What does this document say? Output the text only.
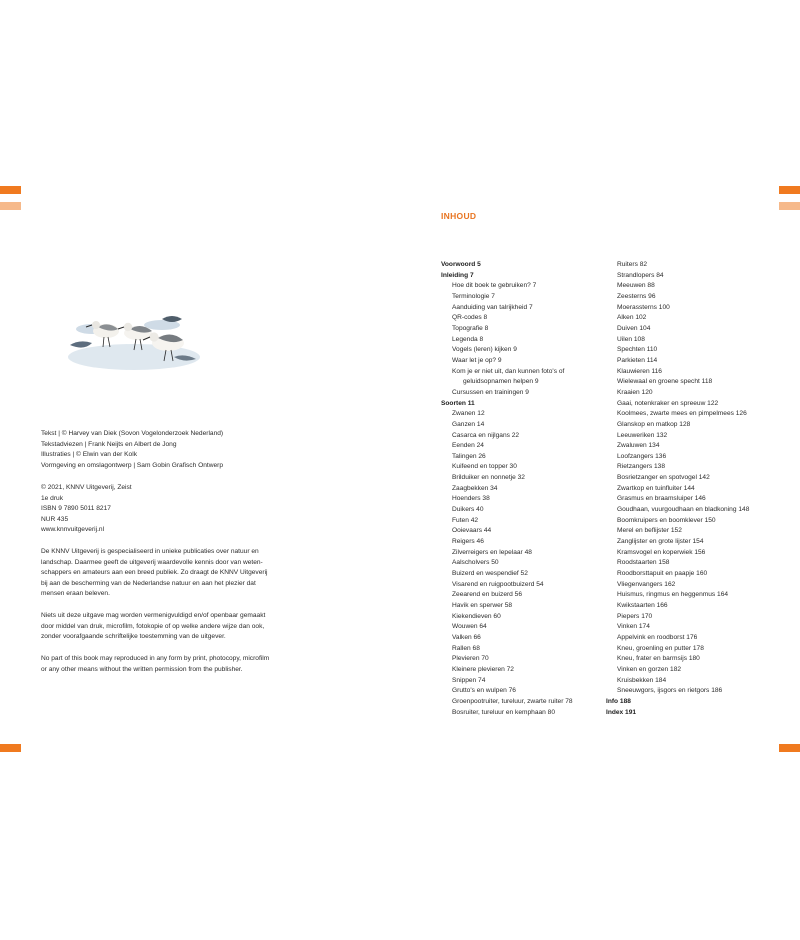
Tekst | © Harvey van Diek (Sovon Vogelonderzoek Nederland)

Tekstadviezen | Frank Neijts en Albert de Jong

Illustraties | © Elwin van der Kolk

Vormgeving en omslagontwerp | Sam Gobin Grafisch Ontwerp

© 2021, KNNV Uitgeverij, Zeist

1e druk

ISBN 9 7890 5011 8217

NUR 435

www.knnvuitgeverij.nl

De KNNV Uitgeverij is gespecialiseerd in unieke publicaties over natuur en

landschap. Daarmee geeft de uitgeverij waardevolle kennis door van weten-

schappers en amateurs aan een breed publiek. Zo draagt de KNNV Uitgeverij

bij aan de bescherming van de Nederlandse natuur en aan het plezier dat

mensen eraan beleven.

Niets uit deze uitgave mag worden vermenigvuldigd en/of openbaar gemaakt

door middel van druk, microfilm, fotokopie of op welke andere wijze dan ook,

zonder voorafgaande schriftelijke toestemming van de uitgever.

No part of this book may reproduced in any form by print, photocopy, microfilm

or any other means without the written permission from the publisher.

INHOUD
Voorwoord 5
Inleiding 7
Hoe dit boek te gebruiken? 7
Terminologie 7
Aanduiding van talrijkheid 7
QR-codes 8
Topografie 8
Legenda 8
Vogels (leren) kijken 9
Waar let je op? 9
Kom je er niet uit, dan kunnen foto's of
geluidsopnamen helpen 9
Cursussen en trainingen 9
Soorten 11
Zwanen 12
Ganzen 14
Casarca en nijlgans 22
Eenden 24
Talingen 26
Kuifeend en topper 30
Brilduiker en nonnetje 32
Zaagbekken 34
Hoenders 38
Duikers 40
Futen 42
Ooievaars 44
Reigers 46
Zilverreigers en lepelaar 48
Aalscholvers 50
Buizerd en wespendief 52
Visarend en ruigpootbuizerd 54
Zeearend en buizerd 56
Havik en sperwer 58
Kiekendieven 60
Wouwen 64
Valken 66
Rallen 68
Plevieren 70
Kleinere plevieren 72
Snippen 74
Grutto's en wulpen 76
Groenpootruiter, tureluur, zwarte ruiter 78
Bosruiter, tureluur en kemphaan 80
Ruiters 82
Strandlopers 84
Meeuwen 88
Zeesterns 96
Moerassterns 100
Alken 102
Duiven 104
Uilen 108
Spechten 110
Parkieten 114
Klauwieren 116
Wielewaal en groene specht 118
Kraaien 120
Gaai, notenkraker en spreeuw 122
Koolmees, zwarte mees en pimpelmees 126
Glanskop en matkop 128
Leeuweriken 132
Zwaluwen 134
Loofzangers 136
Rietzangers 138
Bosrietzanger en spotvogel 142
Zwartkop en tuinfluiter 144
Grasmus en braamsluiper 146
Goudhaan, vuurgoudhaan en bladkoning 148
Boomkruipers en boomklever 150
Merel en beflijster 152
Zanglijster en grote lijster 154
Kramsvogel en koperwiek 156
Roodstaarten 158
Roodborsttapuit en paapje 160
Vliegenvangers 162
Huismus, ringmus en heggenmus 164
Kwikstaarten 166
Piepers 170
Vinken 174
Appelvink en roodborst 176
Kneu, groenling en putter 178
Kneu, frater en barmsijs 180
Vinken en gorzen 182
Kruisbekken 184
Sneeuwgors, ijsgors en rietgors 186
Info 188
Index 191
